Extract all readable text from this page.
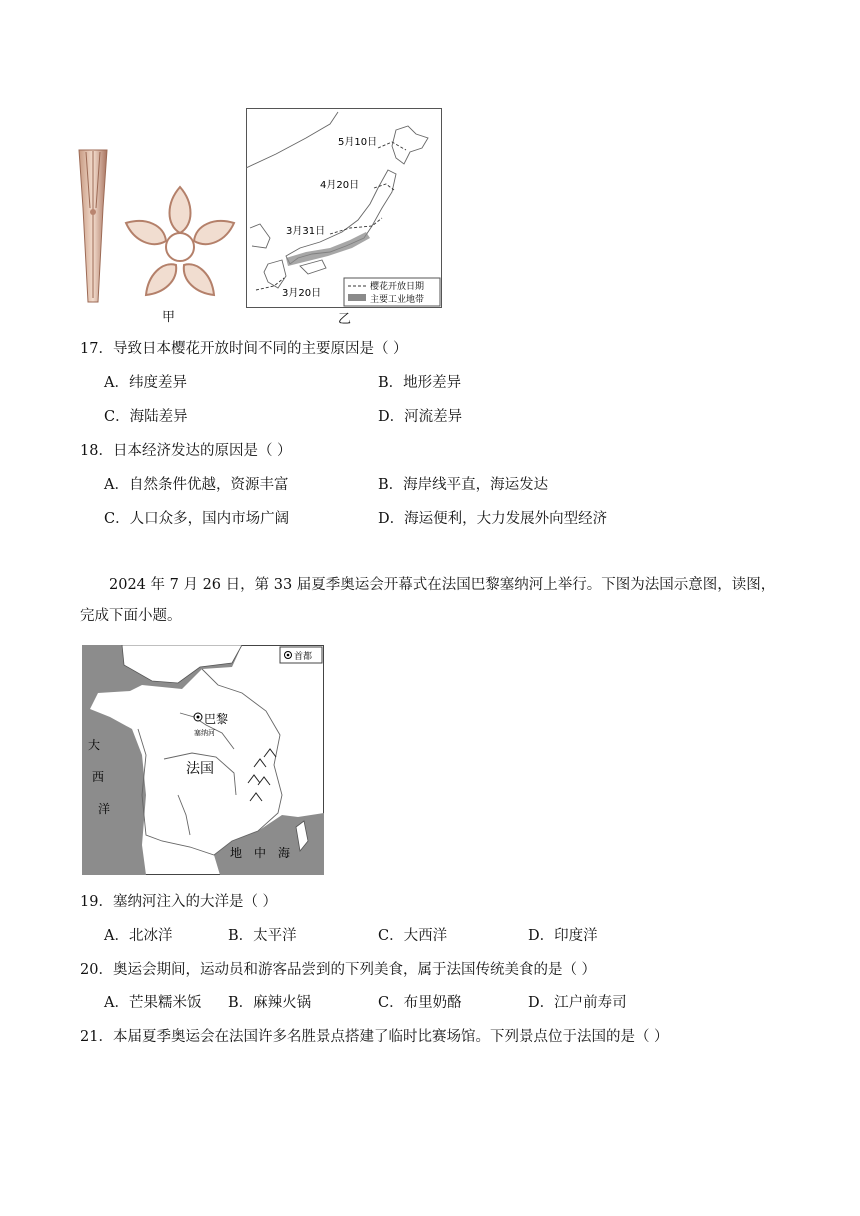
甲
5月10日
4月20日
3月31日
3月20日
樱花开放日期
主要工业地带
乙
17．导致日本樱花开放时间不同的主要原因是（ ）
A．纬度差异	B．地形差异
C．海陆差异	D．河流差异
18．日本经济发达的原因是（ ）
A．自然条件优越，资源丰富	B．海岸线平直，海运发达
C．人口众多，国内市场广阔	D．海运便利，大力发展外向型经济
2024 年 7 月 26 日，第 33 届夏季奥运会开幕式在法国巴黎塞纳河上举行。下图为法国示意图，读图，完成下面小题。
巴黎
塞纳河
法国
大
西
洋
地 中 海
首都
19．塞纳河注入的大洋是（ ）
A．北冰洋	B．太平洋	C．大西洋	D．印度洋
20．奥运会期间，运动员和游客品尝到的下列美食，属于法国传统美食的是（ ）
A．芒果糯米饭 B．麻辣火锅	C．布里奶酪	D．江户前寿司
21．本届夏季奥运会在法国许多名胜景点搭建了临时比赛场馆。下列景点位于法国的是（ ）
